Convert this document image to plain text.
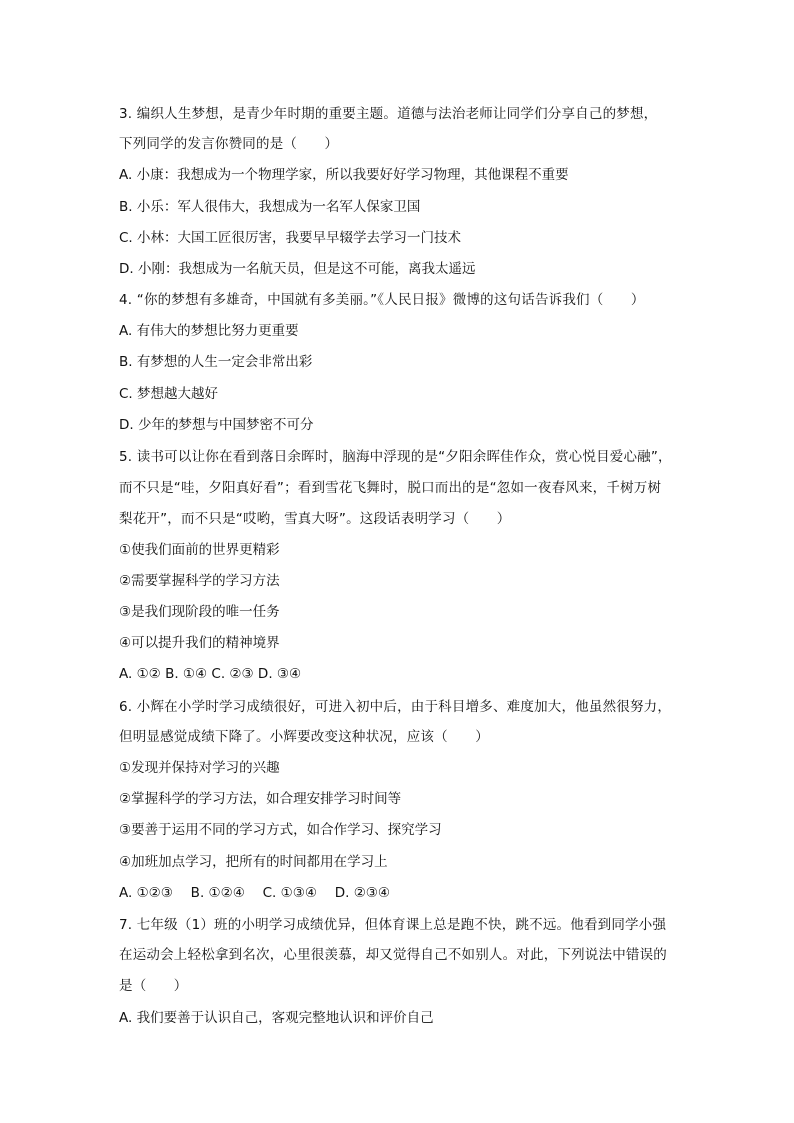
3. 编织人生梦想，是青少年时期的重要主题。道德与法治老师让同学们分享自己的梦想，
下列同学的发言你赞同的是（　　）
A. 小康：我想成为一个物理学家，所以我要好好学习物理，其他课程不重要
B. 小乐：军人很伟大，我想成为一名军人保家卫国
C. 小林：大国工匠很厉害，我要早早辍学去学习一门技术
D. 小刚：我想成为一名航天员，但是这不可能，离我太遥远
4. “你的梦想有多雄奇，中国就有多美丽。”《人民日报》微博的这句话告诉我们（　　）
A. 有伟大的梦想比努力更重要
B. 有梦想的人生一定会非常出彩
C. 梦想越大越好
D. 少年的梦想与中国梦密不可分
5. 读书可以让你在看到落日余晖时，脑海中浮现的是“夕阳余晖佳作众，赏心悦目爱心融”，
而不只是“哇，夕阳真好看”；看到雪花飞舞时，脱口而出的是“忽如一夜春风来，千树万树
梨花开”，而不只是“哎哟，雪真大呀”。这段话表明学习（　　）
①使我们面前的世界更精彩
②需要掌握科学的学习方法
③是我们现阶段的唯一任务
④可以提升我们的精神境界
A. ①② B. ①④ C. ②③ D. ③④
6. 小辉在小学时学习成绩很好，可进入初中后，由于科目增多、难度加大，他虽然很努力，
但明显感觉成绩下降了。小辉要改变这种状况，应该（　　）
①发现并保持对学习的兴趣
②掌握科学的学习方法，如合理安排学习时间等
③要善于运用不同的学习方式，如合作学习、探究学习
④加班加点学习，把所有的时间都用在学习上
A. ①②③　 B. ①②④　 C. ①③④　 D. ②③④
7. 七年级（1）班的小明学习成绩优异，但体育课上总是跑不快，跳不远。他看到同学小强
在运动会上轻松拿到名次，心里很羡慕，却又觉得自己不如别人。对此，下列说法中错误的
是（　　）
A. 我们要善于认识自己，客观完整地认识和评价自己
